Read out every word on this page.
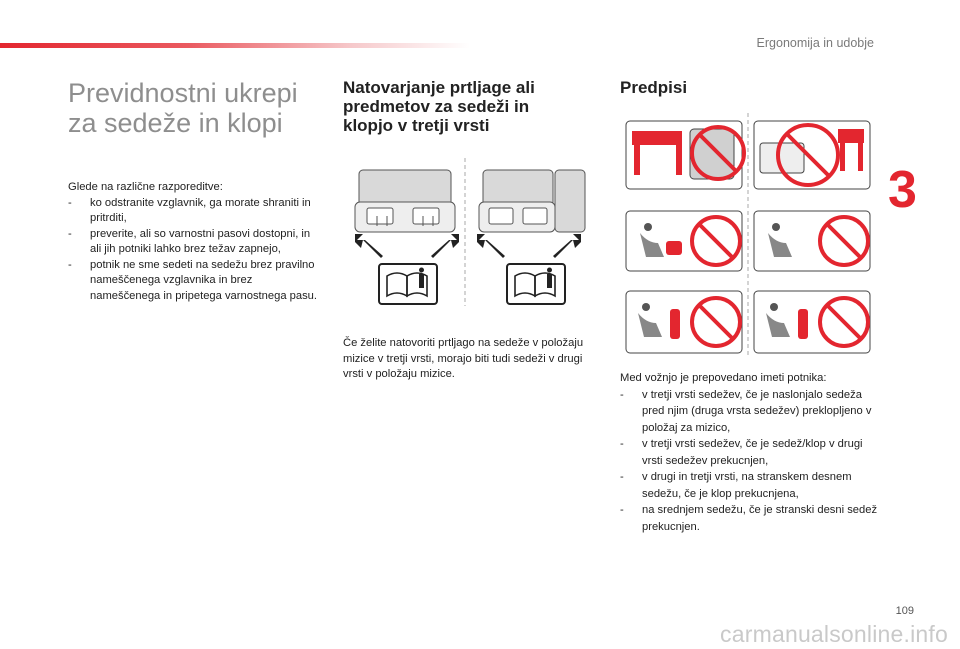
Ergonomija in udobje
3
Previdnostni ukrepi
za sedeže in klopi
Glede na različne razporeditve:
- ko odstranite vzglavnik, ga morate shraniti in pritrditi,
- preverite, ali so varnostni pasovi dostopni, in ali jih potniki lahko brez težav zapnejo,
- potnik ne sme sedeti na sedežu brez pravilno nameščenega vzglavnika in brez nameščenega in pripetega varnostnega pasu.
Natovarjanje prtljage ali
predmetov za sedeži in
klopjo v tretji vrsti
Če želite natovoriti prtljago na sedeže v položaju mizice v tretji vrsti, morajo biti tudi sedeži v drugi vrsti v položaju mizice.
Predpisi
Med vožnjo je prepovedano imeti potnika:
- v tretji vrsti sedežev, če je naslonjalo sedeža pred njim (druga vrsta sedežev) preklopljeno v položaj za mizico,
- v tretji vrsti sedežev, če je sedež/klop v drugi vrsti sedežev prekucnjen,
- v drugi in tretji vrsti, na stranskem desnem sedežu, če je klop prekucnjena,
- na srednjem sedežu, če je stranski desni sedež prekucnjen.
109
carmanualsonline.info
